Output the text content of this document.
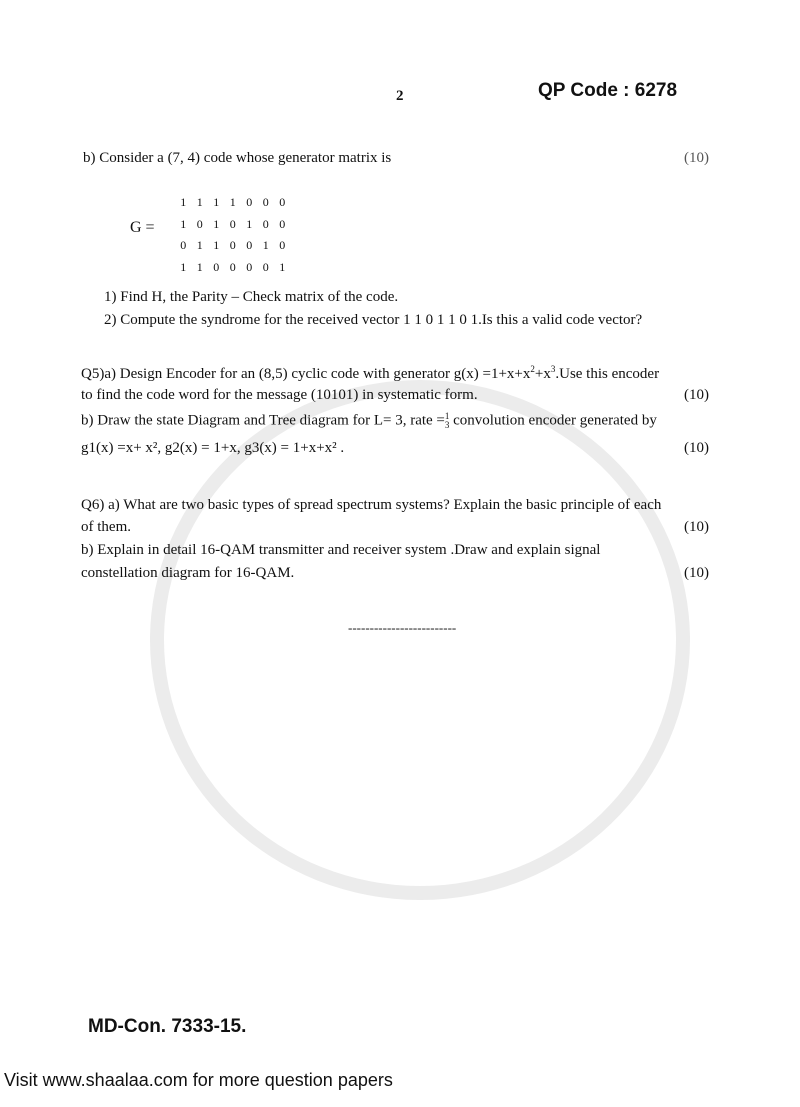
2	QP Code : 6278
b) Consider a (7, 4) code whose generator matrix is	(10)
G =
1 1 1 1 0 0 0
1 0 1 0 1 0 0
0 1 1 0 0 1 0
1 1 0 0 0 0 1
1) Find H, the Parity – Check matrix of the code.
2) Compute the syndrome for the received vector 1 1 0 1 1 0 1.Is this a valid code vector?
Q5)a) Design Encoder for an (8,5) cyclic code with generator $g(x) =1+x+x^2+x^3.Use$ this encoder
to find the code word for the message (10101) in systematic form.	(10)
b) Draw the state Diagram and Tree diagram for L= 3, rate =1
3 convolution encoder generated by
g1(x) =x+ x², g2(x) = 1+x, g3(x) = 1+x+x² .	(10)
Q6) a) What are two basic types of spread spectrum systems? Explain the basic principle of each
of them.	(10)
b) Explain in detail 16-QAM transmitter and receiver system .Draw and explain signal
constellation diagram for 16-QAM.	(10)
-------------------------
MD-Con. 7333-15.
Visit www.shaalaa.com for more question papers
